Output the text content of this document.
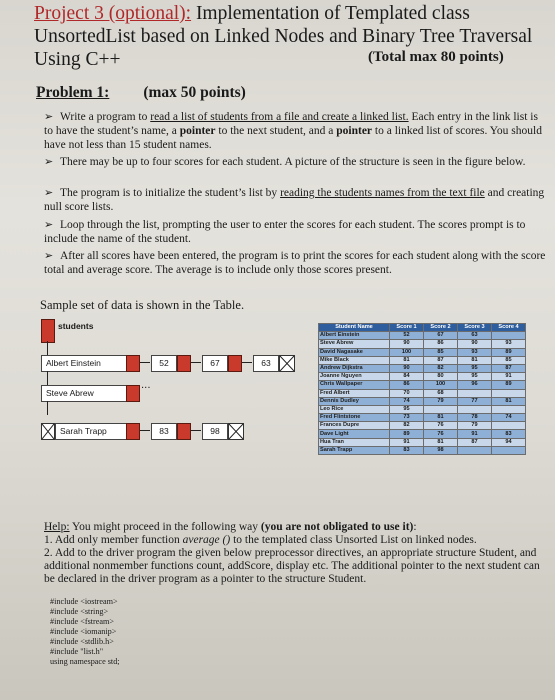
Project 3 (optional): Implementation of Templated class UnsortedList based on Linked Nodes and Binary Tree Traversal Using C++	(Total max 80 points)
Problem 1: (max 50 points)
➢ Write a program to read a list of students from a file and create a linked list. Each entry in the link list is to have the student’s name, a pointer to the next student, and a pointer to a linked list of scores. You should have not less than 15 student names.
➢ There may be up to four scores for each student. A picture of the structure is seen in the figure below.
➢ The program is to initialize the student’s list by reading the students names from the text file and creating null score lists.
➢ Loop through the list, prompting the user to enter the scores for each student. The scores prompt is to include the name of the student.
➢ After all scores have been entered, the program is to print the scores for each student along with the score total and average score. The average is to include only those scores present.
Sample set of data is shown in the Table.
students
Albert Einstein	52	67	63
Steve Abrew	···
Sarah Trapp	83	98
Student Name	Score 1	Score 2	Score 3	Score 4
Albert Einstein	52	67	63	
Steve Abrew	90	86	90	93
David Nagasake	100	85	93	89
Mike Black	81	87	81	85
Andrew Dijkstra	90	82	95	87
Joanne Nguyen	84	80	95	91
Chris Wallpaper	86	100	96	89
Fred Albert	70	68		
Dennis Dudley	74	79	77	81
Leo Rice	95			
Fred Flintstone	73	81	78	74
Frances Dupre	82	76	79	
Dave Light	89	76	91	83
Hua Tran	91	81	87	94
Sarah Trapp	83	98		
Help: You might proceed in the following way (you are not obligated to use it):
1. Add only member function average () to the templated class Unsorted List on linked nodes.
2. Add to the driver program the given below preprocessor directives, an appropriate structure Student, and additional nonmember functions count, addScore, display etc. The additional pointer to the next student can be declared in the driver program as a pointer to the structure Student.
#include <iostream>
#include <string>
#include <fstream>
#include <iomanip>
#include <stdlib.h>
#include "list.h"
using namespace std;
